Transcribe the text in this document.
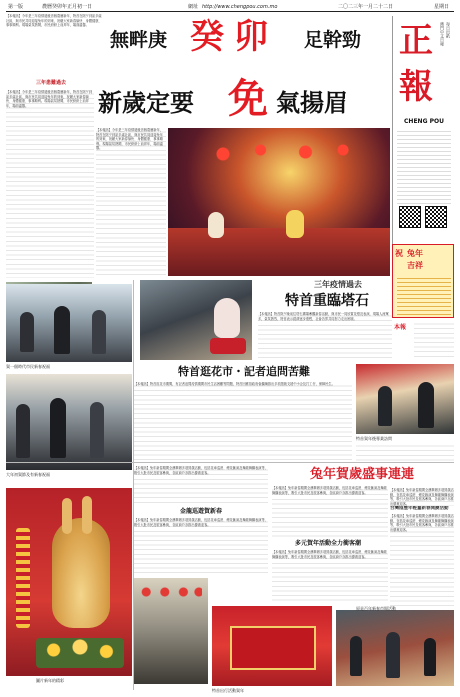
第一版	農曆癸卯年正月初一日	網址 http://www.chengpou.com.mo	二〇二三年一月二十二日	星期日
無畔庚 癸卯 足幹勁 正報
澳門中文日報 每日出紙
CHENG POU
新歲定要 免 氣揚眉
【本報訊】今年是三年疫情過後首個農曆新年，特首在除夕到訪多處社區，與市民共同迎接兔年的到來，祝願大家新春愉快、身體健康、事事順利。現場氣氛熱鬧，市民紛紛上前拜年，場面溫馨。
三年患難過去
【本報訊】今年是三年疫情過後首個農曆新年，特首在除夕到訪多處社區，與市民共同迎接兔年的到來，祝願大家新春愉快、身體健康、事事順利。現場氣氛熱鬧，市民紛紛上前拜年，場面溫馨。
【本報訊】今年是三年疫情過後首個農曆新年，特首在除夕到訪多處社區，與市民共同迎接兔年的到來，祝願大家新春愉快、身體健康、事事順利。現場氣氛熱鬧，市民紛紛上前拜年，場面溫馨。
祝 兔年
吉祥
賀一個時代市民新春祝福
三年疫情過去
特首重臨塔石
【本報訊】特首除夕晚前往塔石廣場參觀新春活動，與市民一同欣賞花燈及表演，現場人流眾多，氣氛熱烈，特首表示經濟逐步復甦，社會各界共同努力走出困境。
本報
特首逛花市・記者追問苦難
【本報訊】特首逛花市期間，有記者追問疫情期間市民生活困難等問題，特首回應指政府會繼續推出多項措施支援中小企及打工仔，保障民生。
特首賀年後專業訪問
大年初賀節及有新春祝福	兔年賀歲盛事連連
【本報訊】兔年新春期間全澳舉辦多項賀歲活動，包括花車巡遊、煙花匯演及舞龍舞獅表演等，吸引大批市民及旅客參與，各區商戶亦推出優惠迎客。
金龍巡遊賀新春
【本報訊】兔年新春期間全澳舉辦多項賀歲活動，包括花車巡遊、煙花匯演及舞龍舞獅表演等，吸引大批市民及旅客參與，各區商戶亦推出優惠迎客。
多元賀年活動全力衝客潮
【本報訊】兔年新春期間全澳舉辦多項賀歲活動，包括花車巡遊、煙花匯演及舞龍舞獅表演等，吸引大批市民及旅客參與，各區商戶亦推出優惠迎客。
【本報訊】兔年新春期間全澳舉辦多項賀歲活動，包括花車巡遊、煙花匯演及舞龍舞獅表演等，吸引大批市民及旅客參與，各區商戶亦推出優惠迎客。
台灣陰歷年輕量新春開慶活動
【本報訊】兔年新春期間全澳舉辦多項賀歲活動，包括花車巡遊、煙花匯演及舞龍舞獅表演等，吸引大批市民及旅客參與，各區商戶亦推出優惠迎客。
【本報訊】兔年新春期間全澳舉辦多項賀歲活動，包括花車巡遊、煙花匯演及舞龍舞獅表演等，吸引大批市民及旅客參與，各區商戶亦推出優惠迎客。
圖片新年的精彩
特首出行活動賀年
原是百年新春市場活動
